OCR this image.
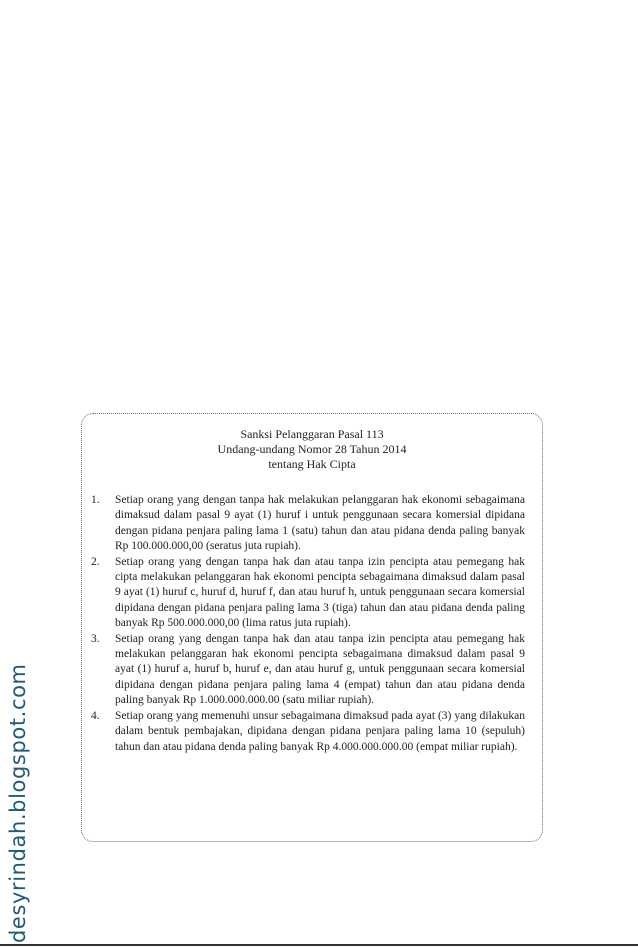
Sanksi Pelanggaran Pasal 113
Undang-undang Nomor 28 Tahun 2014
tentang Hak Cipta
1. Setiap orang yang dengan tanpa hak melakukan pelanggaran hak ekonomi sebagaimana dimaksud dalam pasal 9 ayat (1) huruf i untuk penggunaan secara komersial dipidana dengan pidana penjara paling lama 1 (satu) tahun dan atau pidana denda paling banyak Rp 100.000.000,00 (seratus juta rupiah).
2. Setiap orang yang dengan tanpa hak dan atau tanpa izin pencipta atau pemegang hak cipta melakukan pelanggaran hak ekonomi pencipta sebagaimana dimaksud dalam pasal 9 ayat (1) huruf c, huruf d, huruf f, dan atau huruf h, untuk penggunaan secara komersial dipidana dengan pidana penjara paling lama 3 (tiga) tahun dan atau pidana denda paling banyak Rp 500.000.000,00 (lima ratus juta rupiah).
3. Setiap orang yang dengan tanpa hak dan atau tanpa izin pencipta atau pemegang hak melakukan pelanggaran hak ekonomi pencipta sebagaimana dimaksud dalam pasal 9 ayat (1) huruf a, huruf b, huruf e, dan atau huruf g, untuk penggunaan secara komersial dipidana dengan pidana penjara paling lama 4 (empat) tahun dan atau pidana denda paling banyak Rp 1.000.000.000.00 (satu miliar rupiah).
4. Setiap orang yang memenuhi unsur sebagaimana dimaksud pada ayat (3) yang dilakukan dalam bentuk pembajakan, dipidana dengan pidana penjara paling lama 10 (sepuluh) tahun dan atau pidana denda paling banyak Rp 4.000.000.000.00 (empat miliar rupiah).
desyrindah.blogspot.com
